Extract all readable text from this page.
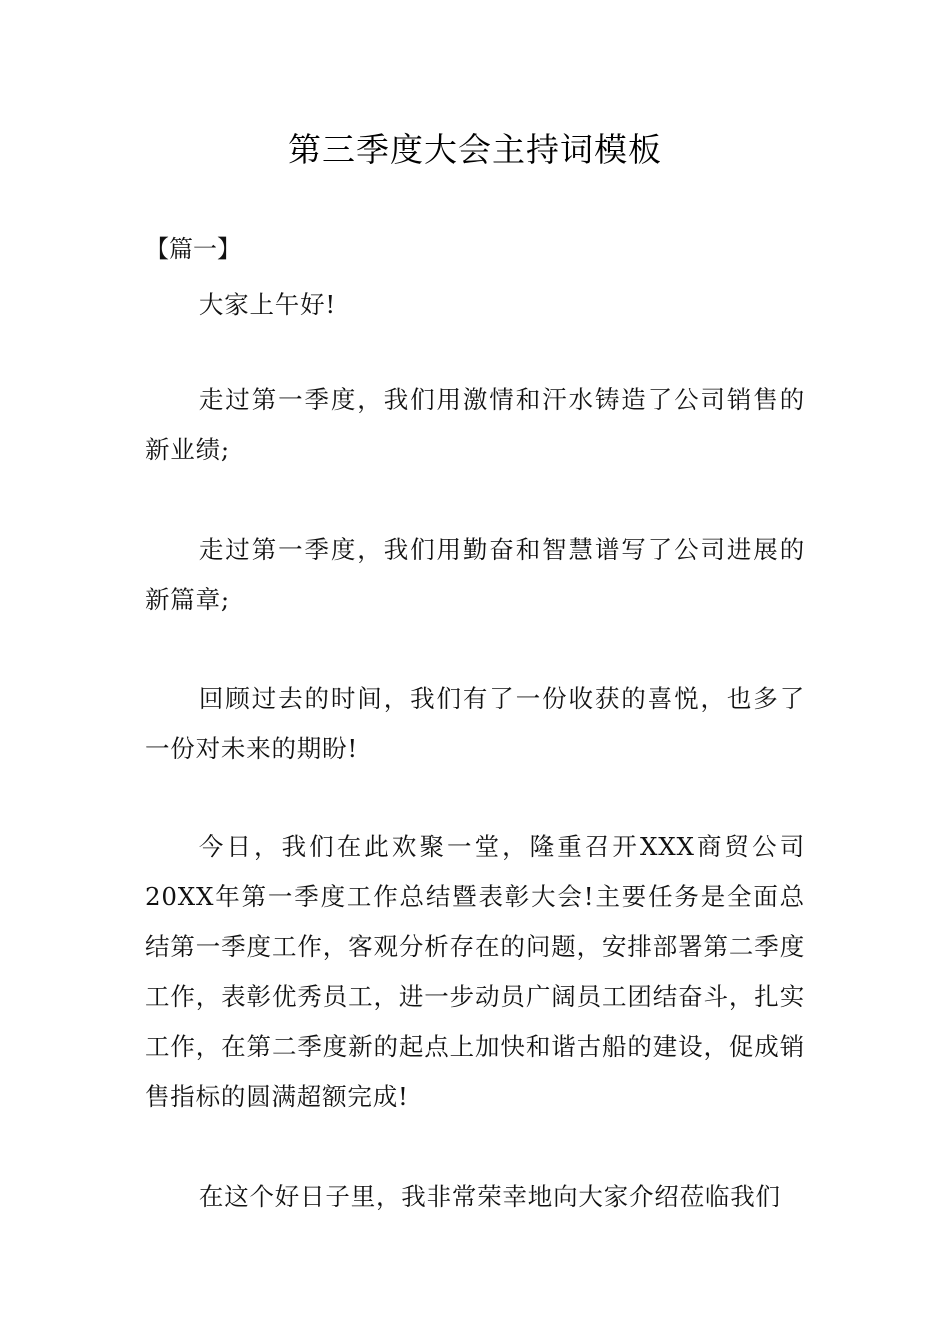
第三季度大会主持词模板

【篇一】

大家上午好!

走过第一季度，我们用激情和汗水铸造了公司销售的新业绩;

走过第一季度，我们用勤奋和智慧谱写了公司进展的新篇章;

回顾过去的时间，我们有了一份收获的喜悦，也多了一份对未来的期盼!

今日，我们在此欢聚一堂，隆重召开XXX商贸公司20XX年第一季度工作总结暨表彰大会!主要任务是全面总结第一季度工作，客观分析存在的问题，安排部署第二季度工作，表彰优秀员工，进一步动员广阔员工团结奋斗，扎实工作，在第二季度新的起点上加快和谐古船的建设，促成销售指标的圆满超额完成!

在这个好日子里，我非常荣幸地向大家介绍莅临我们
